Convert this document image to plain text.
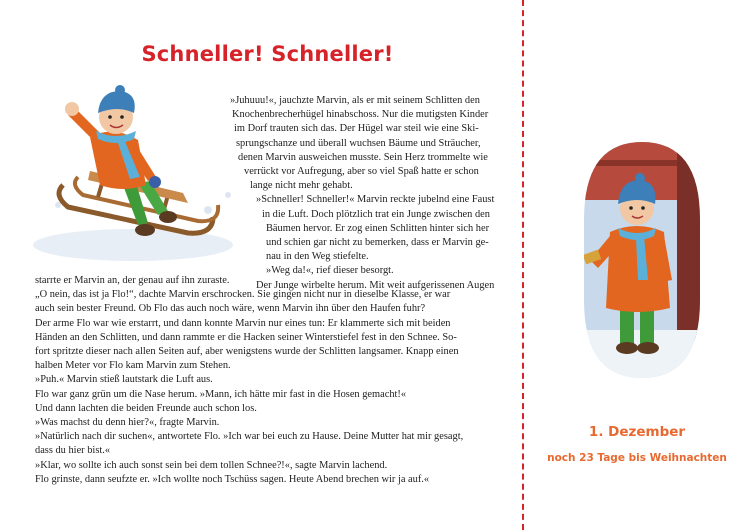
Schneller! Schneller!
»Juhuuu!«, jauchzte Marvin, als er mit seinem Schlitten den
Knochenbrecherhügel hinabschoss. Nur die mutigsten Kinder
im Dorf trauten sich das. Der Hügel war steil wie eine Ski-
sprungschanze und überall wuchsen Bäume und Sträucher,
denen Marvin ausweichen musste. Sein Herz trommelte wie
verrückt vor Aufregung, aber so viel Spaß hatte er schon
lange nicht mehr gehabt.
»Schneller! Schneller!« Marvin reckte jubelnd eine Faust
in die Luft. Doch plötzlich trat ein Junge zwischen den
Bäumen hervor. Er zog einen Schlitten hinter sich her
und schien gar nicht zu bemerken, dass er Marvin ge-
nau in den Weg stiefelte.
»Weg da!«, rief dieser besorgt.
Der Junge wirbelte herum. Mit weit aufgerissenen Augen
starrte er Marvin an, der genau auf ihn zuraste.
„O nein, das ist ja Flo!“, dachte Marvin erschrocken. Sie gingen nicht nur in dieselbe Klasse, er war
auch sein bester Freund. Ob Flo das auch noch wäre, wenn Marvin ihn über den Haufen fuhr?
Der arme Flo war wie erstarrt, und dann konnte Marvin nur eines tun: Er klammerte sich mit beiden
Händen an den Schlitten, und dann rammte er die Hacken seiner Winterstiefel fest in den Schnee. So-
fort spritzte dieser nach allen Seiten auf, aber wenigstens wurde der Schlitten langsamer. Knapp einen
halben Meter vor Flo kam Marvin zum Stehen.
»Puh.« Marvin stieß lautstark die Luft aus.
Flo war ganz grün um die Nase herum. »Mann, ich hätte mir fast in die Hosen gemacht!«
Und dann lachten die beiden Freunde auch schon los.
»Was machst du denn hier?«, fragte Marvin.
»Natürlich nach dir suchen«, antwortete Flo. »Ich war bei euch zu Hause. Deine Mutter hat mir gesagt,
dass du hier bist.«
»Klar, wo sollte ich auch sonst sein bei dem tollen Schnee?!«, sagte Marvin lachend.
Flo grinste, dann seufzte er. »Ich wollte noch Tschüss sagen. Heute Abend brechen wir ja auf.«
1. Dezember
noch 23 Tage bis Weihnachten
